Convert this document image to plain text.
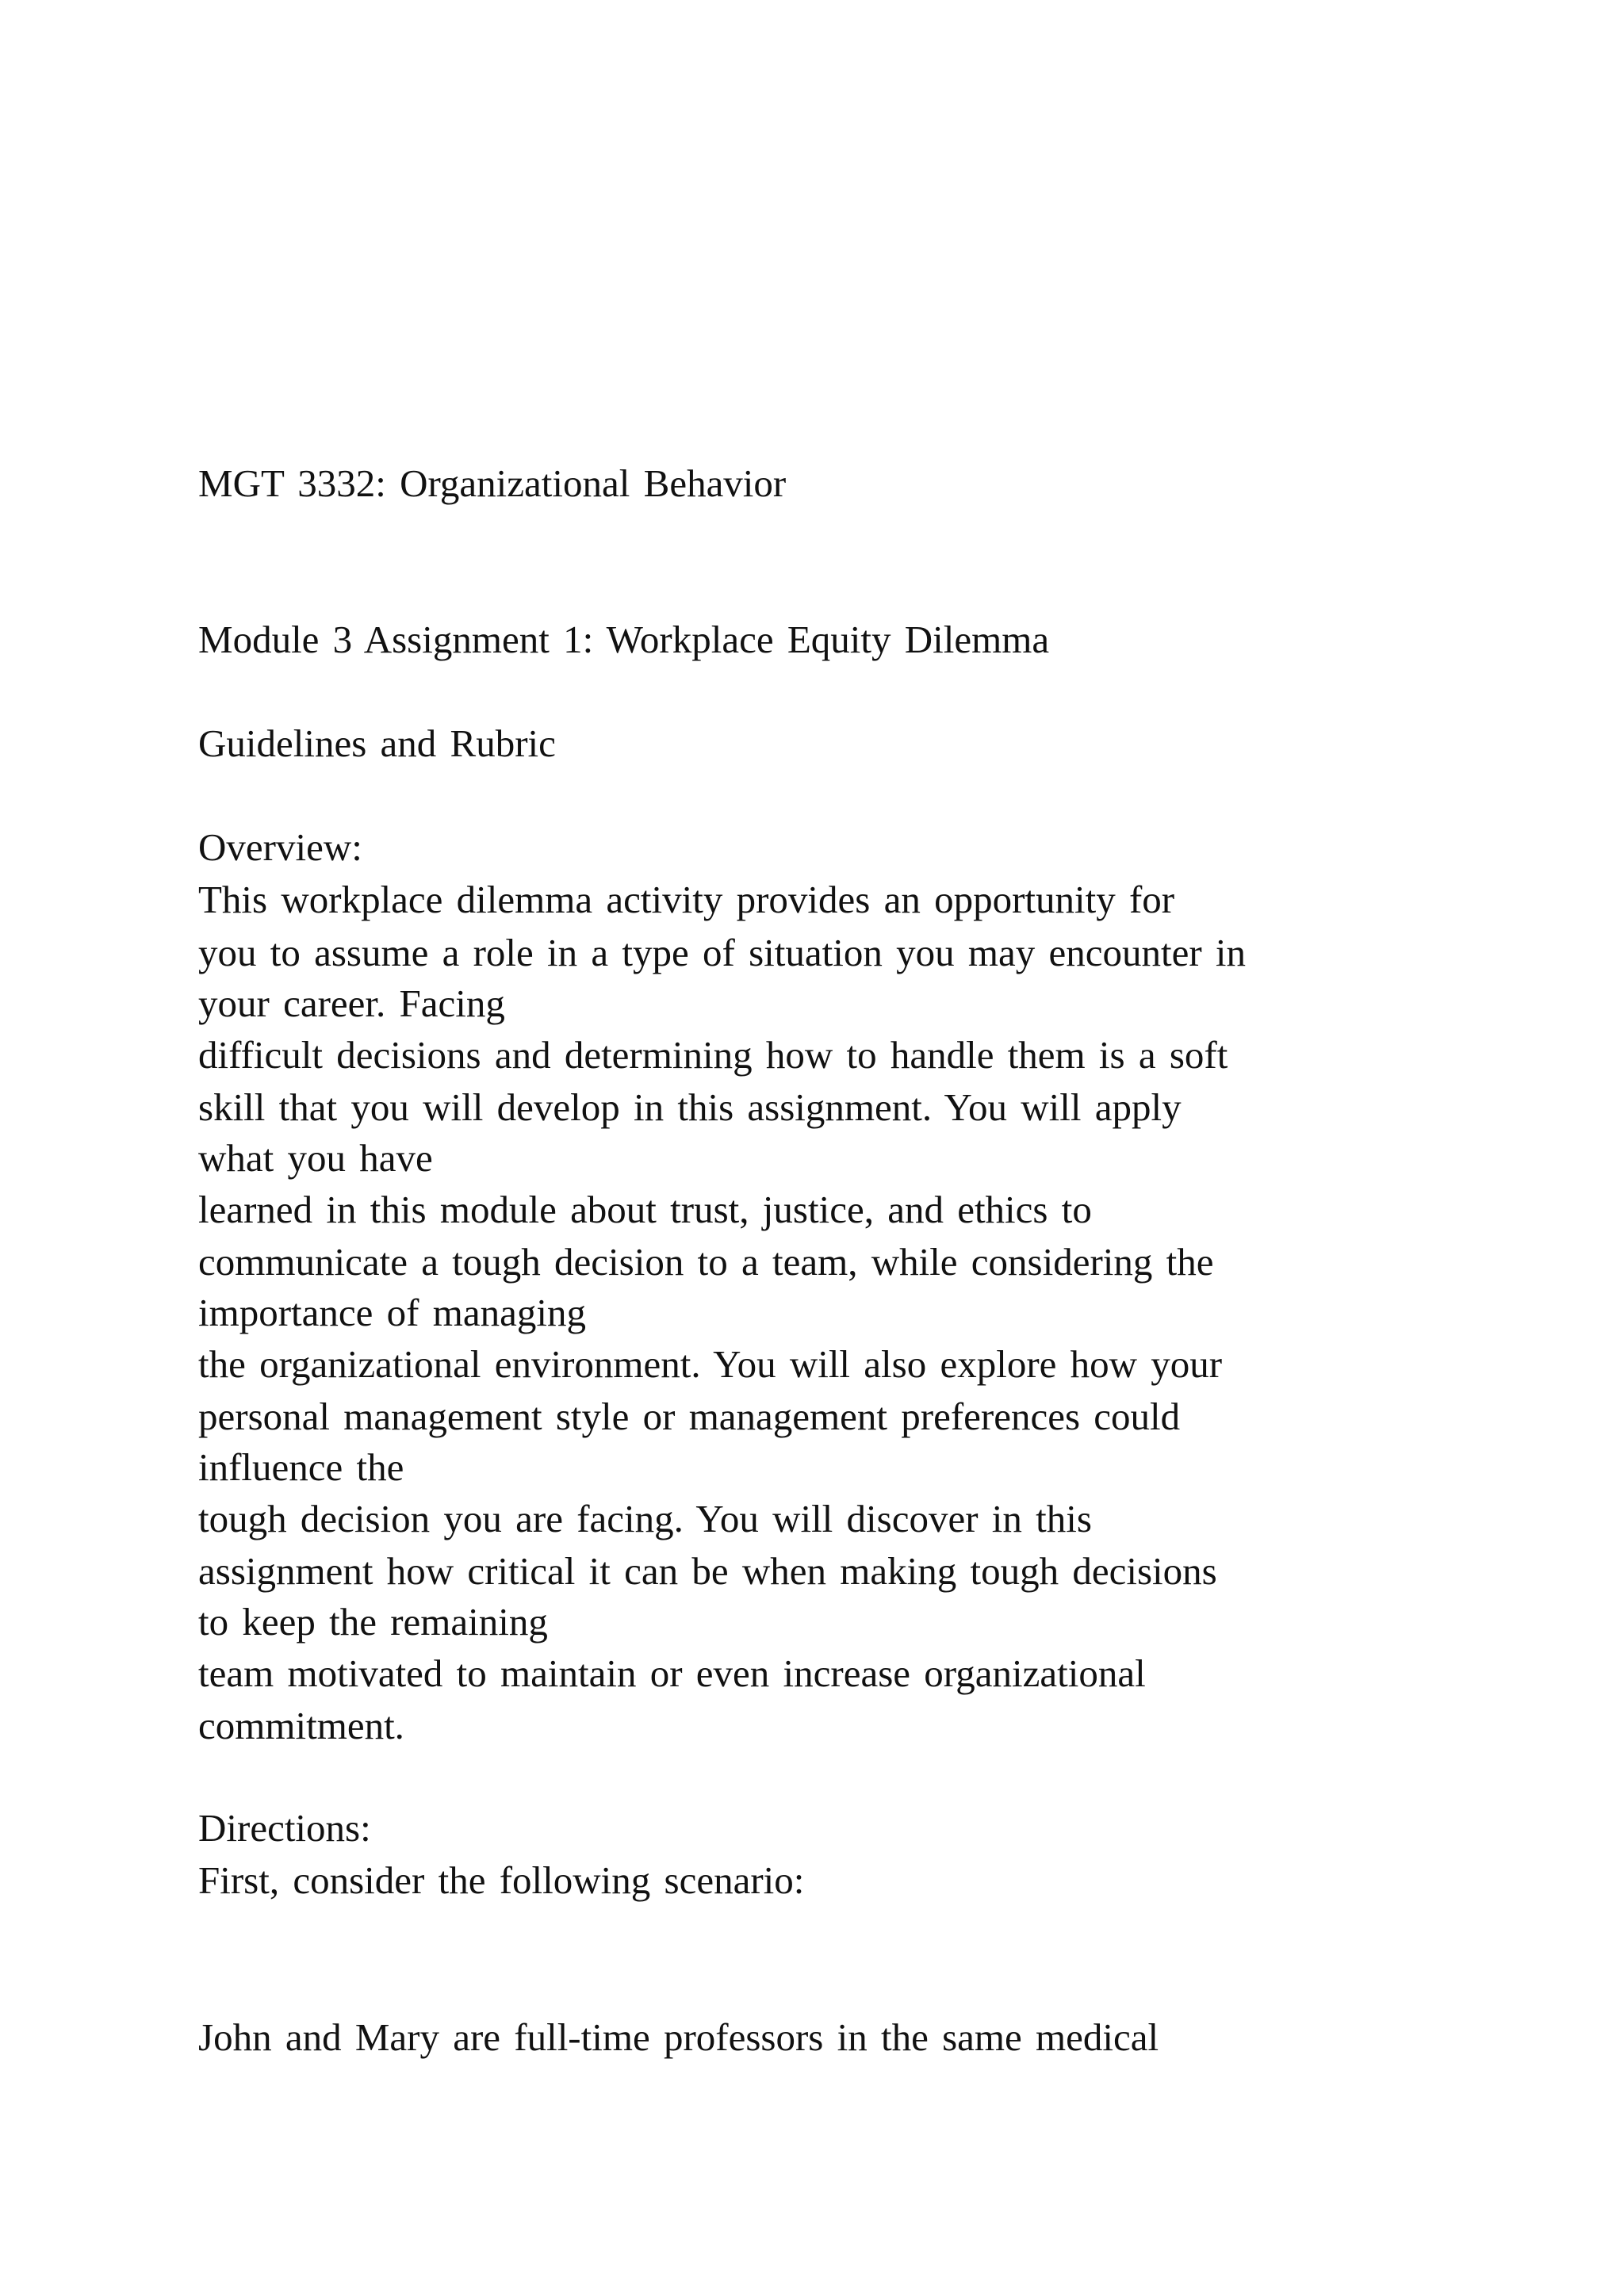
MGT 3332: Organizational Behavior

Module 3 Assignment 1: Workplace Equity Dilemma

Guidelines and Rubric

Overview:

This workplace dilemma activity provides an opportunity for

you to assume a role in a type of situation you may encounter in

your career. Facing

difficult decisions and determining how to handle them is a soft

skill that you will develop in this assignment. You will apply

what you have

learned in this module about trust, justice, and ethics to

communicate a tough decision to a team, while considering the

importance of managing

the organizational environment. You will also explore how your

personal management style or management preferences could

influence the

tough decision you are facing. You will discover in this

assignment how critical it can be when making tough decisions

to keep the remaining

team motivated to maintain or even increase organizational

commitment.

Directions:

First, consider the following scenario:

John and Mary are full-time professors in the same medical
